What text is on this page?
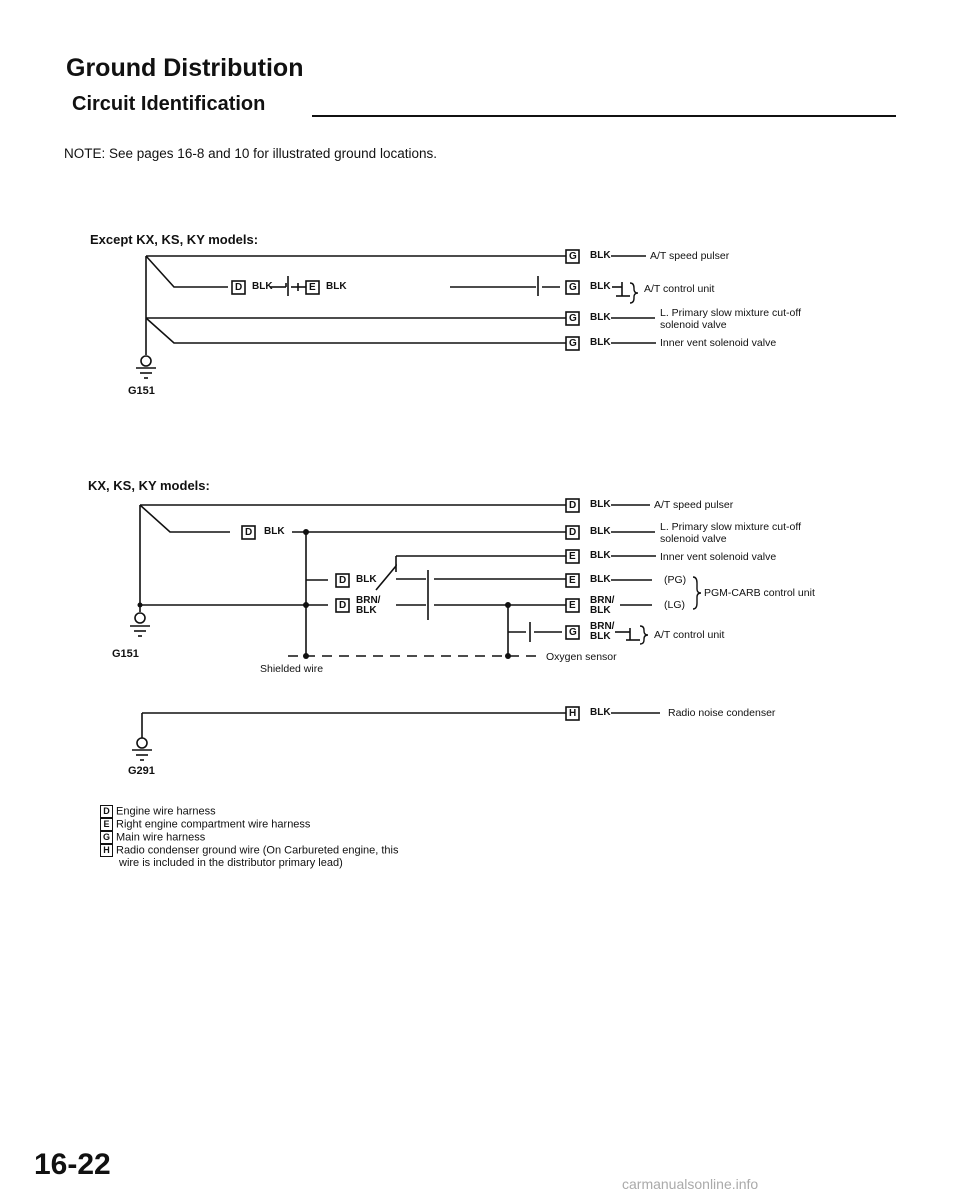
Ground Distribution
Circuit Identification
NOTE: See pages 16-8 and 10 for illustrated ground locations.
G
D	E	G
G
G
D
D	D
E
D	E
D	E
G
H
Except KX, KS, KY models:
BLK
BLK	BLK	BLK
BLK
BLK
A/T speed pulser
A/T control unit
L. Primary slow mixture cut-off
solenoid valve
Inner vent solenoid valve
G151
KX, KS, KY models:
BLK
BLK	BLK
BLK
BLK	BLK
BRN/
BLK
BRN/
BLK
BRN/
BLK
A/T speed pulser
L. Primary slow mixture cut-off
solenoid valve
Inner vent solenoid valve
(PG)
(LG)
PGM-CARB control unit
A/T control unit
Oxygen sensor
Shielded wire
G151
BLK	Radio noise condenser
G291
D Engine wire harness
E Right engine compartment wire harness
G Main wire harness
H Radio condenser ground wire (On Carbureted engine, this
wire is included in the distributor primary lead)
16-22
carmanualsonline.info
